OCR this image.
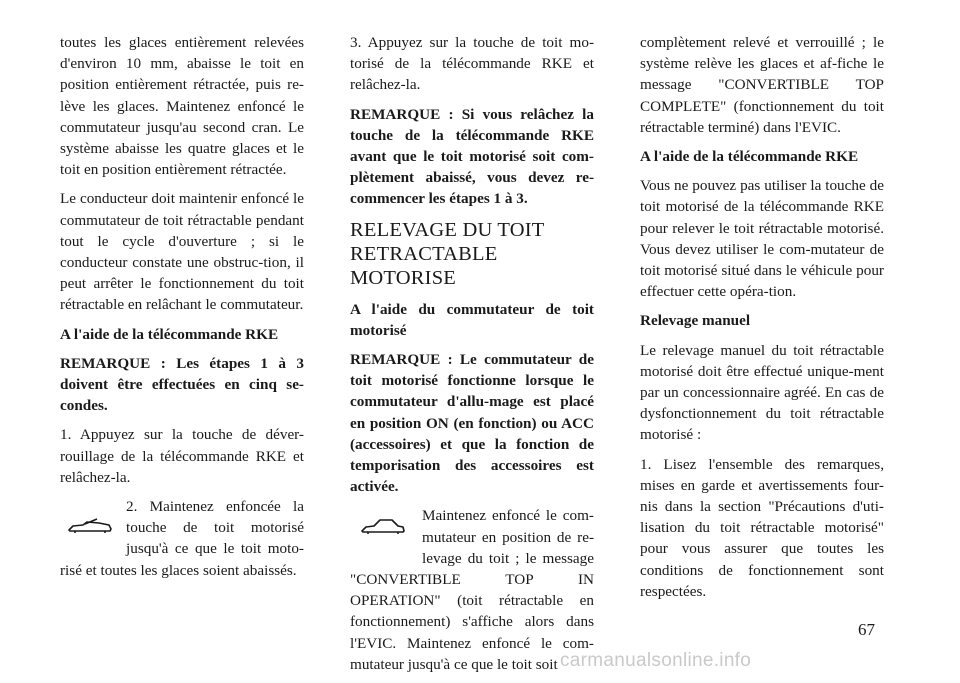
toutes les glaces entièrement relevées d'environ 10 mm, abaisse le toit en position entièrement rétractée, puis re-lève les glaces. Maintenez enfoncé le commutateur jusqu'au second cran. Le système abaisse les quatre glaces et le toit en position entièrement rétractée.

Le conducteur doit maintenir enfoncé le commutateur de toit rétractable pendant tout le cycle d'ouverture ; si le conducteur constate une obstruc-tion, il peut arrêter le fonctionnement du toit rétractable en relâchant le commutateur.

A l'aide de la télécommande RKE

REMARQUE : Les étapes 1 à 3 doivent être effectuées en cinq se-condes.

1. Appuyez sur la touche de déver-rouillage de la télécommande RKE et relâchez-la.

2. Maintenez enfoncée la touche de toit motorisé jusqu'à ce que le toit moto-risé et toutes les glaces soient abaissés.

3. Appuyez sur la touche de toit mo-torisé de la télécommande RKE et relâchez-la.

REMARQUE : Si vous relâchez la touche de la télécommande RKE avant que le toit motorisé soit com-plètement abaissé, vous devez re-commencer les étapes 1 à 3.

RELEVAGE DU TOIT
RETRACTABLE MOTORISE

A l'aide du commutateur de toit motorisé

REMARQUE : Le commutateur de toit motorisé fonctionne lorsque le commutateur d'allu-mage est placé en position ON (en fonction) ou ACC (accessoires) et que la fonction de temporisation des accessoires est activée.

Maintenez enfoncé le com-mutateur en position de re-levage du toit ; le message "CONVERTIBLE TOP IN OPERATION" (toit rétractable en fonctionnement) s'affiche alors dans l'EVIC. Maintenez enfoncé le com-mutateur jusqu'à ce que le toit soit

complètement relevé et verrouillé ; le système relève les glaces et af-fiche le message "CONVERTIBLE TOP COMPLETE" (fonctionnement du toit rétractable terminé) dans l'EVIC.

A l'aide de la télécommande RKE

Vous ne pouvez pas utiliser la touche de toit motorisé de la télécommande RKE pour relever le toit rétractable motorisé. Vous devez utiliser le com-mutateur de toit motorisé situé dans le véhicule pour effectuer cette opéra-tion.

Relevage manuel

Le relevage manuel du toit rétractable motorisé doit être effectué unique-ment par un concessionnaire agréé. En cas de dysfonctionnement du toit rétractable motorisé :

1. Lisez l'ensemble des remarques, mises en garde et avertissements four-nis dans la section "Précautions d'uti-lisation du toit rétractable motorisé" pour vous assurer que toutes les conditions de fonctionnement sont respectées.

67
carmanualsonline.info
